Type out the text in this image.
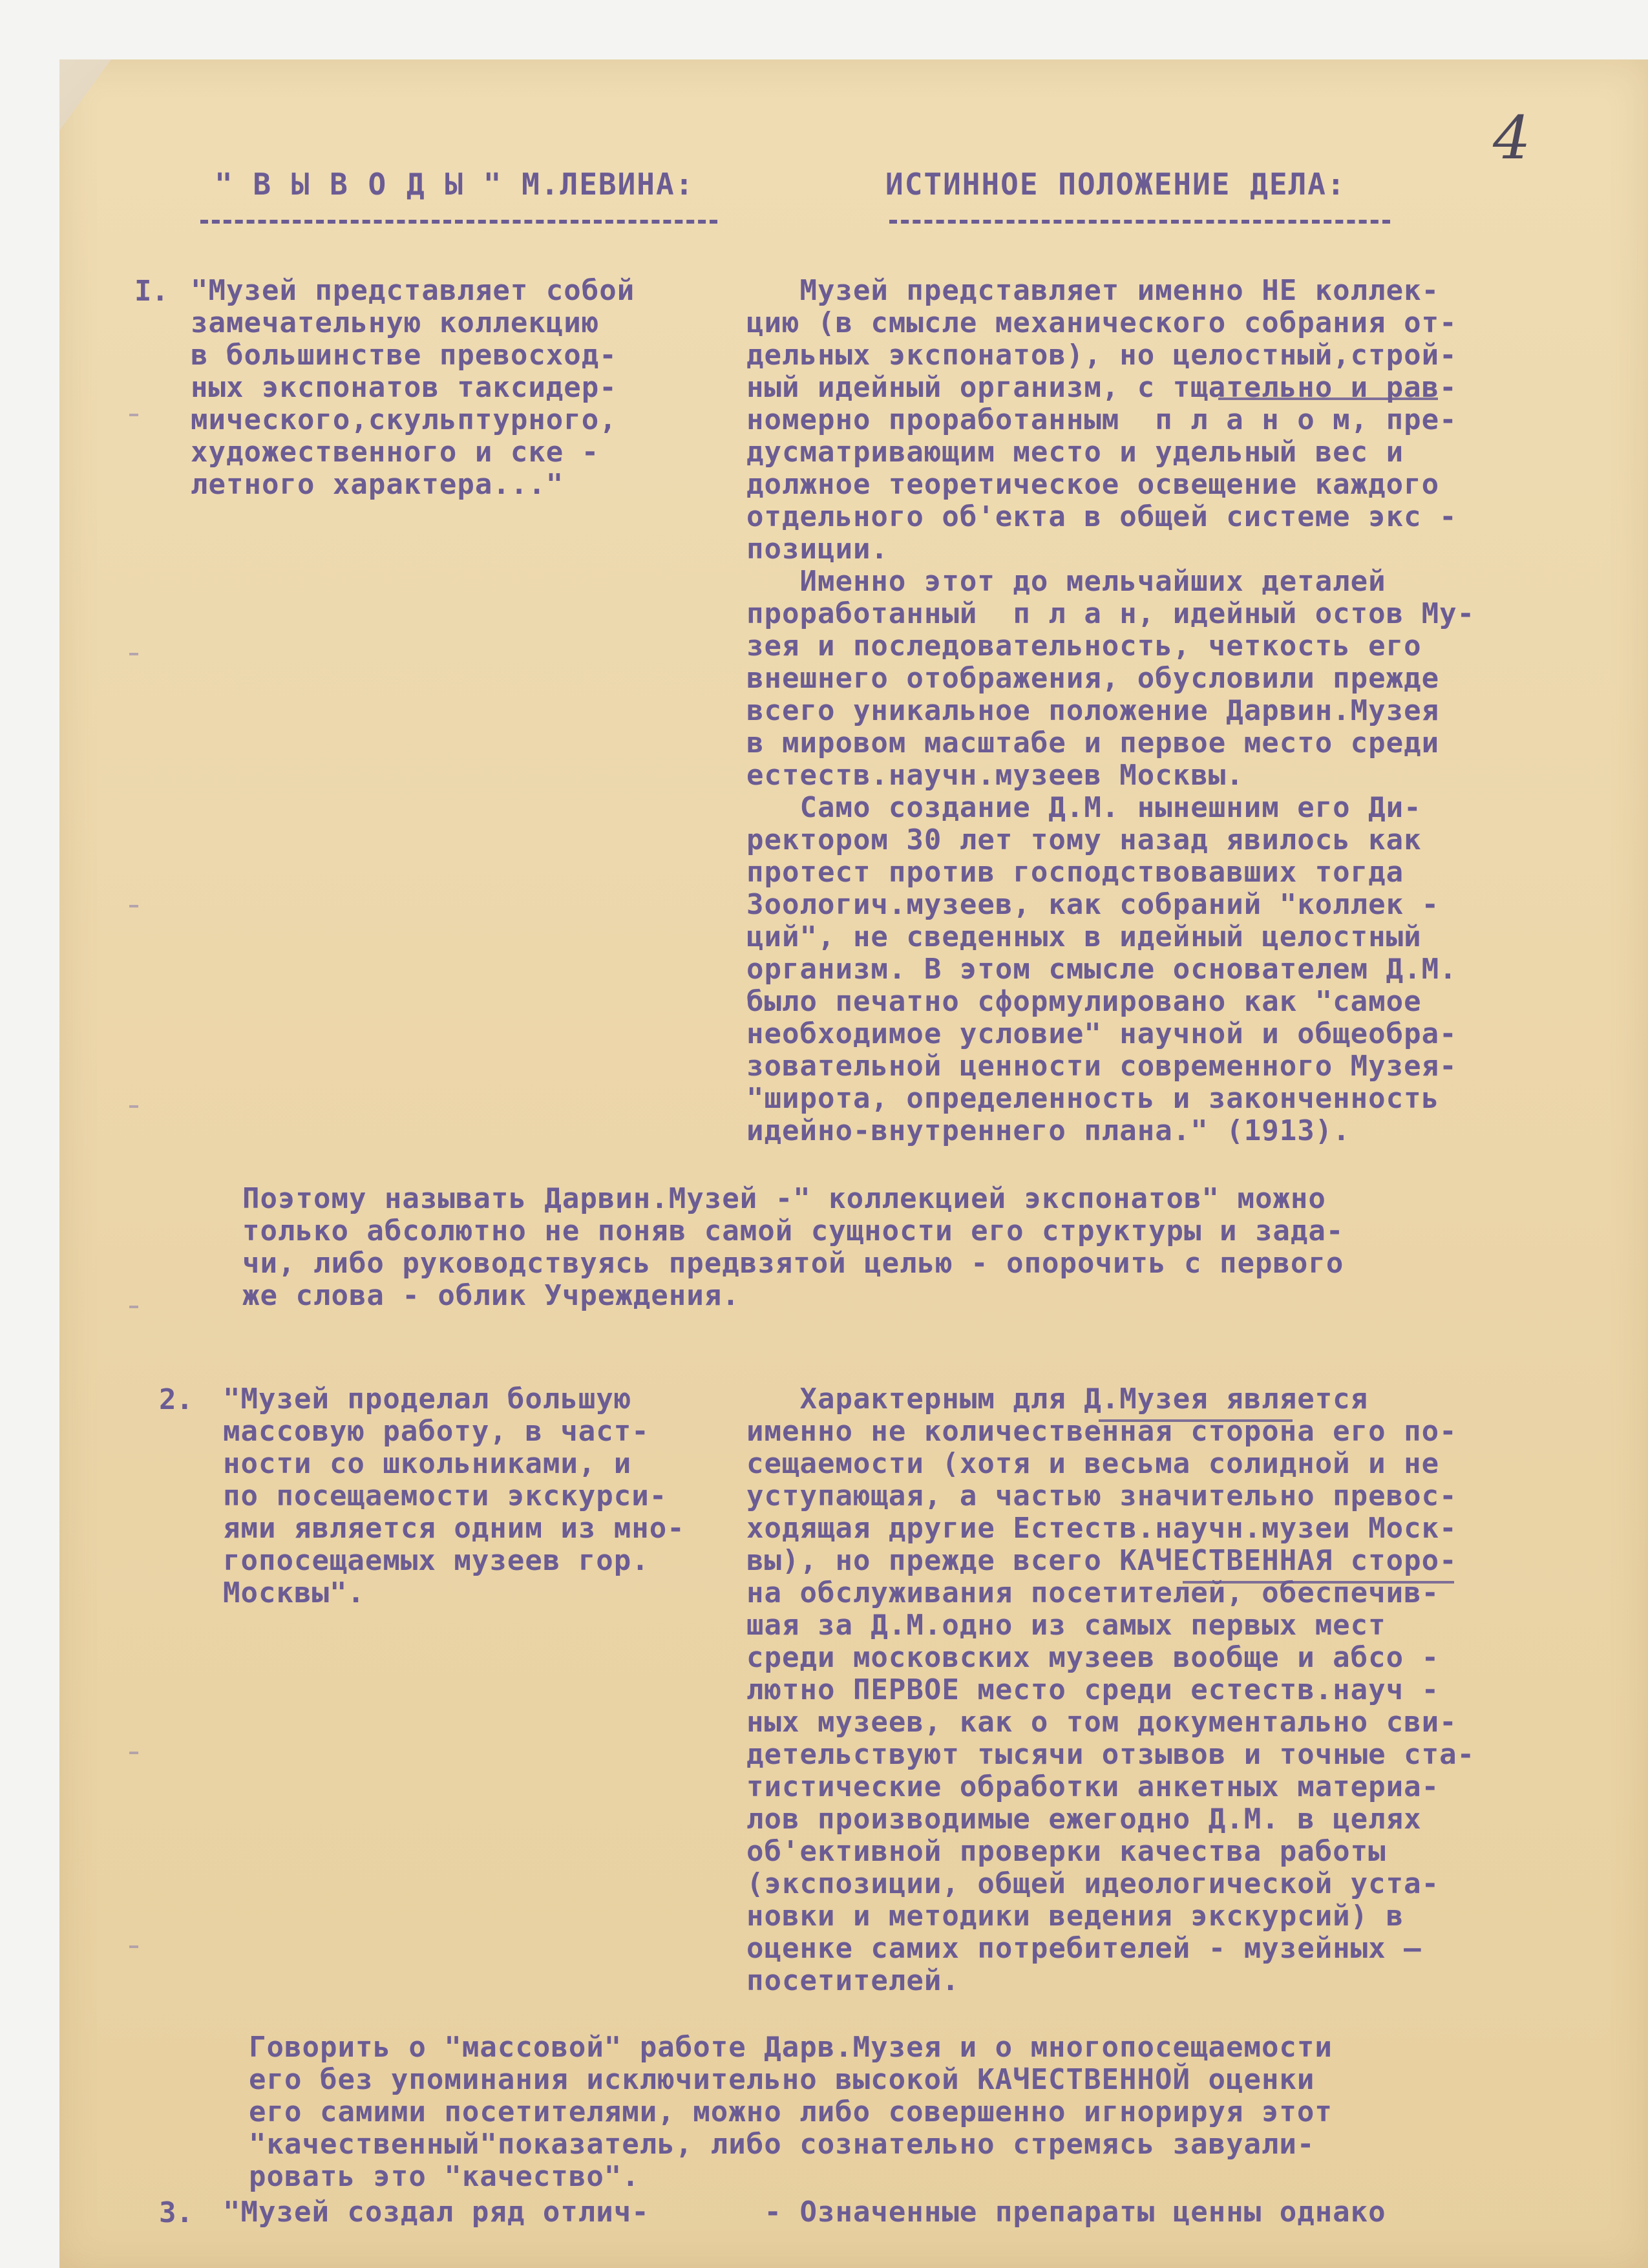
4
" В Ы В О Д Ы " М.ЛЕВИНА:	ИСТИННОЕ ПОЛОЖЕНИЕ ДЕЛА:
I. "Музей представляет собой
замечательную коллекцию
в большинстве превосход-
ных экспонатов таксидер-
мического,скульптурного,
художественного и ске -
летного характера..."
Музей представляет именно НЕ коллек-
цию (в смысле механического собрания от-
дельных экспонатов), но целостный,строй-
ный идейный организм, с тщательно и рав-
номерно проработанным  п л а н о м, пре-
дусматривающим место и удельный вес и
должное теоретическое освещение каждого
отдельного об'екта в общей системе экс -
позиции.
Именно этот до мельчайших деталей
проработанный  п л а н, идейный остов Му-
зея и последовательность, четкость его
внешнего отображения, обусловили прежде
всего уникальное положение Дарвин.Музея
в мировом масштабе и первое место среди
естеств.научн.музеев Москвы.
Само создание Д.М. нынешним его Ди-
ректором 30 лет тому назад явилось как
протест против господствовавших тогда
Зоологич.музеев, как собраний "коллек -
ций", не сведенных в идейный целостный
организм. В этом смысле основателем Д.М.
было печатно сформулировано как "самое
необходимое условие" научной и общеобра-
зовательной ценности современного Музея-
"широта, определенность и законченность
идейно-внутреннего плана." (1913).
Поэтому называть Дарвин.Музей -" коллекцией экспонатов" можно
только абсолютно не поняв самой сущности его структуры и зада-
чи, либо руководствуясь предвзятой целью - опорочить с первого
же слова - облик Учреждения.
2. "Музей проделал большую
массовую работу, в част-
ности со школьниками, и
по посещаемости экскурси-
ями является одним из мно-
гопосещаемых музеев гор.
Москвы".
Характерным для Д.Музея является
именно не количественная сторона его по-
сещаемости (хотя и весьма солидной и не
уступающая, а частью значительно превос-
ходящая другие Естеств.научн.музеи Моск-
вы), но прежде всего КАЧЕСТВЕННАЯ сторо-
на обслуживания посетителей, обеспечив-
шая за Д.М.одно из самых первых мест
среди московских музеев вообще и абсо -
лютно ПЕРВОЕ место среди естеств.науч -
ных музеев, как о том документально сви-
детельствуют тысячи отзывов и точные ста-
тистические обработки анкетных материа-
лов производимые ежегодно Д.М. в целях
об'ективной проверки качества работы
(экспозиции, общей идеологической уста-
новки и методики ведения экскурсий) в
оценке самих потребителей - музейных —
посетителей.
Говорить о "массовой" работе Дарв.Музея и о многопосещаемости
его без упоминания исключительно высокой КАЧЕСТВЕННОЙ оценки
его самими посетителями, можно либо совершенно игнорируя этот
"качественный"показатель, либо сознательно стремясь завуали-
ровать это "качество".
3. "Музей создал ряд отлич-	- Означенные препараты ценны однако
